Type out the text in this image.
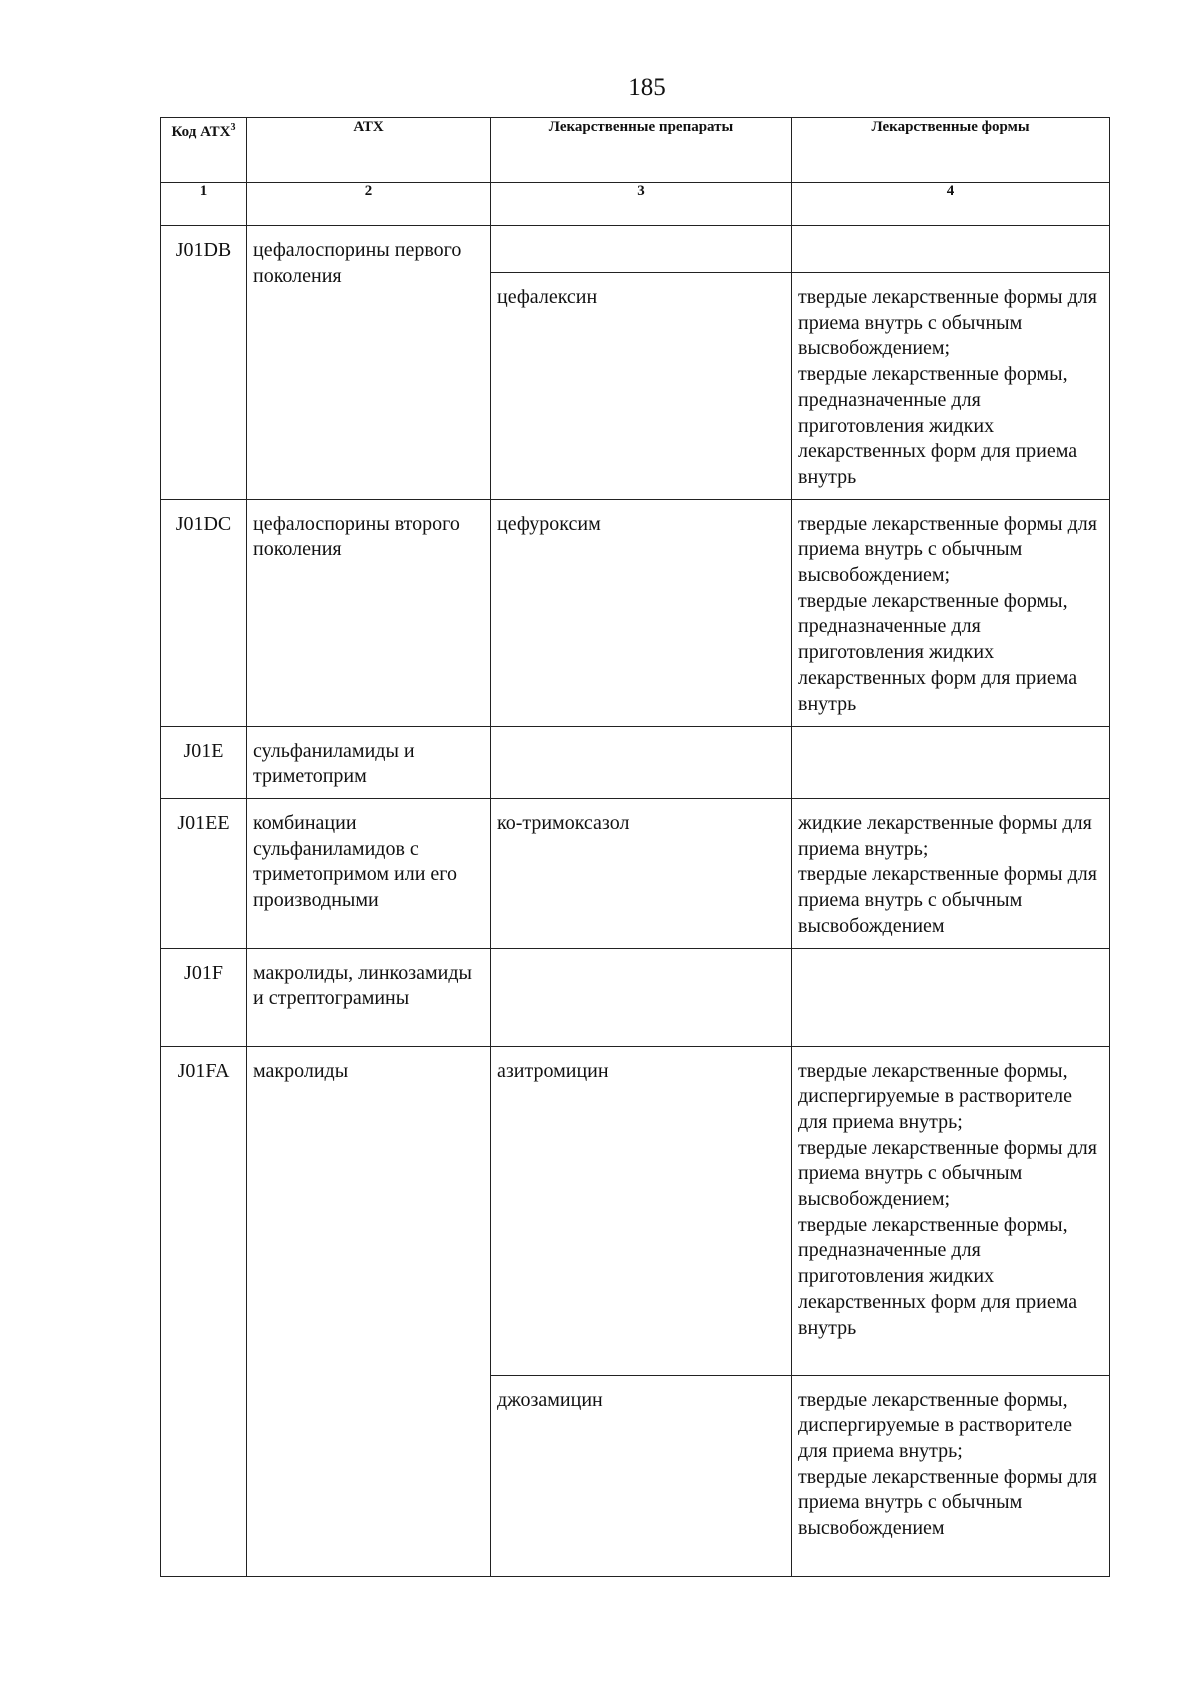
185
Код АТХ$^3$	АТХ	Лекарственные препараты	Лекарственные формы
1	2	3	4
J01DB	цефалоспорины первого поколения		
		цефалексин	твердые лекарственные формы для приема внутрь с обычным высвобождением;
твердые лекарственные формы, предназначенные для приготовления жидких лекарственных форм для приема внутрь
J01DC	цефалоспорины второго поколения	цефуроксим	твердые лекарственные формы для приема внутрь с обычным высвобождением;
твердые лекарственные формы, предназначенные для приготовления жидких лекарственных форм для приема внутрь
J01E	сульфаниламиды и триметоприм		
J01EE	комбинации сульфаниламидов с триметопримом или его производными	ко-тримоксазол	жидкие лекарственные формы для приема внутрь;
твердые лекарственные формы для приема внутрь с обычным высвобождением
J01F	макролиды, линкозамиды и стрептограмины		
J01FA	макролиды	азитромицин	твердые лекарственные формы, диспергируемые в растворителе для приема внутрь;
твердые лекарственные формы для приема внутрь с обычным высвобождением;
твердые лекарственные формы, предназначенные для приготовления жидких лекарственных форм для приема внутрь
		джозамицин	твердые лекарственные формы, диспергируемые в растворителе для приема внутрь;
твердые лекарственные формы для приема внутрь с обычным высвобождением
